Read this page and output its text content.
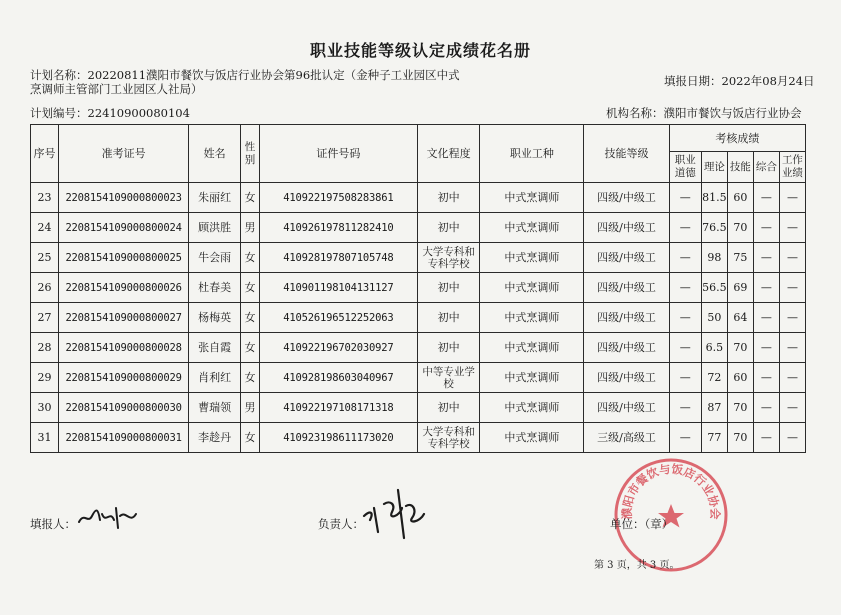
职业技能等级认定成绩花名册
计划名称：20220811濮阳市餐饮与饭店行业协会第96批认定（金种子工业园区中式烹调师主管部门工业园区人社局）
填报日期：2022年08月24日
计划编号：22410900080104	机构名称：濮阳市餐饮与饭店行业协会
序号	准考证号	姓名	性别	证件号码	文化程度	职业工种	技能等级	考核成绩				
								职业道德	理论	技能	综合	工作业绩
23	2208154109000800023	朱丽红	女	410922197508283861	初中	中式烹调师	四级/中级工	—	81.5	60	—	—
24	2208154109000800024	顾洪胜	男	410926197811282410	初中	中式烹调师	四级/中级工	—	76.5	70	—	—
25	2208154109000800025	牛会雨	女	410928197807105748	大学专科和专科学校	中式烹调师	四级/中级工	—	98	75	—	—
26	2208154109000800026	杜春美	女	410901198104131127	初中	中式烹调师	四级/中级工	—	56.5	69	—	—
27	2208154109000800027	杨梅英	女	410526196512252063	初中	中式烹调师	四级/中级工	—	50	64	—	—
28	2208154109000800028	张自霞	女	410922196702030927	初中	中式烹调师	四级/中级工	—	6.5	70	—	—
29	2208154109000800029	肖利红	女	410928198603040967	中等专业学校	中式烹调师	四级/中级工	—	72	60	—	—
30	2208154109000800030	曹瑞领	男	410922197108171318	初中	中式烹调师	四级/中级工	—	87	70	—	—
31	2208154109000800031	李趁丹	女	410923198611173020	大学专科和专科学校	中式烹调师	三级/高级工	—	77	70	—	—
濮阳市餐饮与饭店行业协会
填报人：	负责人：	单位：（章）
第 3 页，共 3 页。
